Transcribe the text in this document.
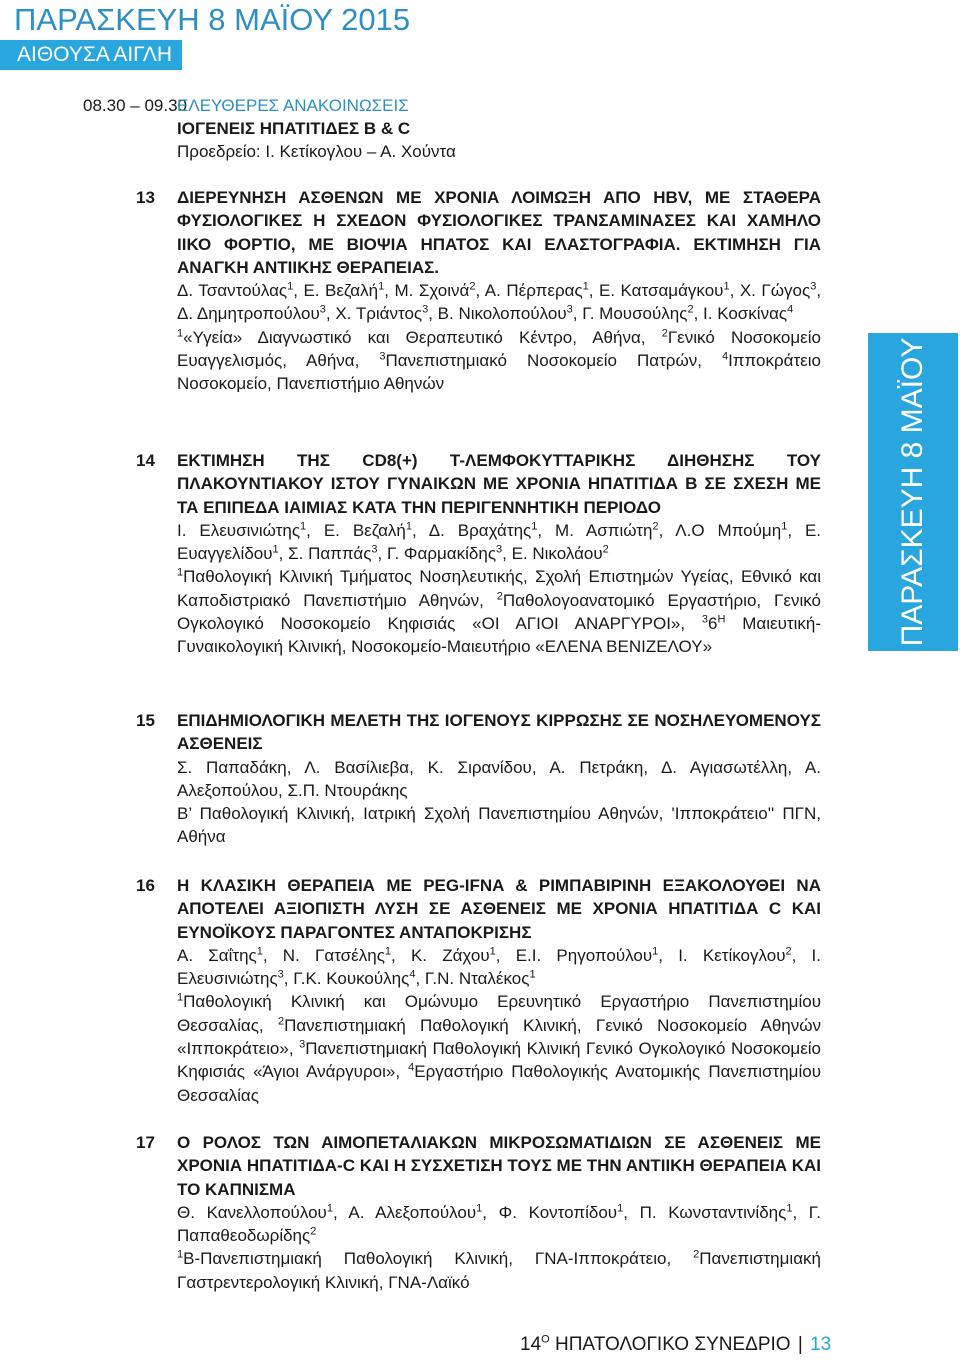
ΠΑΡΑΣΚΕΥΗ 8 ΜΑΪΟΥ 2015
ΑΙΘΟΥΣΑ ΑΙΓΛΗ
ΠΑΡΑΣΚΕΥΗ 8 ΜΑΪΟΥ
08.30 – 09.30
ΕΛΕΥΘΕΡΕΣ ΑΝΑΚΟΙΝΩΣΕΙΣ
ΙΟΓΕΝΕΙΣ ΗΠΑΤΙΤΙΔΕΣ Β & C
Προεδρείο: Ι. Κετίκογλου – Α. Χούντα
13 ΔΙΕΡΕΥΝΗΣΗ ΑΣΘΕΝΩΝ ΜΕ ΧΡΟΝΙΑ ΛΟΙΜΩΞΗ ΑΠΟ HBV, ΜΕ ΣΤΑΘΕΡΑ ΦΥΣΙΟΛΟΓΙΚΕΣ Η ΣΧΕΔΟΝ ΦΥΣΙΟΛΟΓΙΚΕΣ ΤΡΑΝΣΑΜΙΝΑΣΕΣ ΚΑΙ ΧΑΜΗΛΟ ΙΙΚΟ ΦΟΡΤΙΟ, ΜΕ ΒΙΟΨΙΑ ΗΠΑΤΟΣ ΚΑΙ ΕΛΑΣΤΟΓΡΑΦΙΑ. ΕΚΤΙΜΗΣΗ ΓΙΑ ΑΝΑΓΚΗ ΑΝΤΙΙΚΗΣ ΘΕΡΑΠΕΙΑΣ.
Δ. Τσαντούλας$^1$, Ε. Βεζαλή$^1$, Μ. Σχοινά$^2$, Α. Πέρπερας$^1$, Ε. Κατσαμάγκου$^1$, Χ. Γώγος$^3$, Δ. Δημητροπούλου$^3$, Χ. Τριάντος$^3$, Β. Νικολοπούλου$^3$, Γ. Μουσούλης$^2$, Ι. Κοσκίνας$^4$
$^1$«Υγεία» Διαγνωστικό και Θεραπευτικό Κέντρο, Αθήνα, $^2$Γενικό Νοσοκομείο Ευαγγελισμός, Αθήνα, $^3$Πανεπιστημιακό Νοσοκομείο Πατρών, $^4$Ιπποκράτειο Νοσοκομείο, Πανεπιστήμιο Αθηνών
14 ΕΚΤΙΜΗΣΗ ΤΗΣ CD8(+) Τ-ΛΕΜΦΟΚΥΤΤΑΡΙΚΗΣ ΔΙΗΘΗΣΗΣ ΤΟΥ ΠΛΑΚΟΥΝΤΙΑΚΟΥ ΙΣΤΟΥ ΓΥΝΑΙΚΩΝ ΜΕ ΧΡΟΝΙΑ ΗΠΑΤΙΤΙΔΑ Β ΣΕ ΣΧΕΣΗ ΜΕ ΤΑ ΕΠΙΠΕΔΑ ΙΑΙΜΙΑΣ ΚΑΤΑ ΤΗΝ ΠΕΡΙΓΕΝΝΗΤΙΚΗ ΠΕΡΙΟΔΟ
Ι. Ελευσινιώτης$^1$, Ε. Βεζαλή$^1$, Δ. Βραχάτης$^1$, Μ. Ασπιώτη$^2$, Λ.Ο Μπούμη$^1$, Ε. Ευαγγελίδου$^1$, Σ. Παππάς$^3$, Γ. Φαρμακίδης$^3$, Ε. Νικολάου$^2$
$^1$Παθολογική Κλινική Τμήματος Νοσηλευτικής, Σχολή Επιστημών Υγείας, Εθνικό και Καποδιστριακό Πανεπιστήμιο Αθηνών, $^2$Παθολογοανατομικό Εργαστήριο, Γενικό Ογκολογικό Νοσοκομείο Κηφισιάς «ΟΙ ΑΓΙΟΙ ΑΝΑΡΓΥΡΟΙ», $^36^H$ Μαιευτική-Γυναικολογική Κλινική, Νοσοκομείο-Μαιευτήριο «ΕΛΕΝΑ ΒΕΝΙΖΕΛΟΥ»
15 ΕΠΙΔΗΜΙΟΛΟΓΙΚΗ ΜΕΛΕΤΗ ΤΗΣ ΙΟΓΕΝΟΥΣ ΚΙΡΡΩΣΗΣ ΣΕ ΝΟΣΗΛΕΥΟΜΕΝΟΥΣ ΑΣΘΕΝΕΙΣ
Σ. Παπαδάκη, Λ. Βασίλιεβα, Κ. Σιρανίδου, Α. Πετράκη, Δ. Αγιασωτέλλη, Α. Αλεξοπούλου, Σ.Π. Ντουράκης
Β’ Παθολογική Κλινική, Ιατρική Σχολή Πανεπιστημίου Αθηνών, 'Ιπποκράτειο'' ΠΓΝ, Αθήνα
16 Η ΚΛΑΣΙΚΗ ΘΕΡΑΠΕΙΑ ΜΕ PEG-IFNA & ΡΙΜΠΑΒΙΡΙΝΗ ΕΞΑΚΟΛΟΥΘΕΙ ΝΑ ΑΠΟΤΕΛΕΙ ΑΞΙΟΠΙΣΤΗ ΛΥΣΗ ΣΕ ΑΣΘΕΝΕΙΣ ΜΕ ΧΡΟΝΙΑ ΗΠΑΤΙΤΙΔΑ C ΚΑΙ ΕΥΝΟΪΚΟΥΣ ΠΑΡΑΓΟΝΤΕΣ ΑΝΤΑΠΟΚΡΙΣΗΣ
Α. Σαΐτης$^1$, Ν. Γατσέλης$^1$, Κ. Ζάχου$^1$, Ε.Ι. Ρηγοπούλου$^1$, Ι. Κετίκογλου$^2$, Ι. Ελευσινιώτης$^3$, Γ.Κ. Κουκούλης$^4$, Γ.Ν. Νταλέκος$^1$
$^1$Παθολογική Κλινική και Ομώνυμο Ερευνητικό Εργαστήριο Πανεπιστημίου Θεσσαλίας, $^2$Πανεπιστημιακή Παθολογική Κλινική, Γενικό Νοσοκομείο Αθηνών «Ιπποκράτειο», $^3$Πανεπιστημιακή Παθολογική Κλινική Γενικό Ογκολογικό Νοσοκομείο Κηφισιάς «Άγιοι Ανάργυροι», $^4$Εργαστήριο Παθολογικής Ανατομικής Πανεπιστημίου Θεσσαλίας
17 Ο ΡΟΛΟΣ ΤΩΝ ΑΙΜΟΠΕΤΑΛΙΑΚΩΝ ΜΙΚΡΟΣΩΜΑΤΙΔΙΩΝ ΣΕ ΑΣΘΕΝΕΙΣ ΜΕ ΧΡΟΝΙΑ ΗΠΑΤΙΤΙΔΑ-C ΚΑΙ Η ΣΥΣΧΕΤΙΣΗ ΤΟΥΣ ΜΕ ΤΗΝ ΑΝΤΙΙΚΗ ΘΕΡΑΠΕΙΑ ΚΑΙ ΤΟ ΚΑΠΝΙΣΜΑ
Θ. Κανελλοπούλου$^1$, Α. Αλεξοπούλου$^1$, Φ. Κοντοπίδου$^1$, Π. Κωνσταντινίδης$^1$, Γ. Παπαθεοδωρίδης$^2$
$^1$Β-Πανεπιστημιακή Παθολογική Κλινική, ΓΝΑ-Ιπποκράτειο, $^2$Πανεπιστημιακή Γαστρεντερολογική Κλινική, ΓΝΑ-Λαϊκό
$14^O$ ΗΠΑΤΟΛΟΓΙΚΟ ΣΥΝΕΔΡΙΟ | 13
